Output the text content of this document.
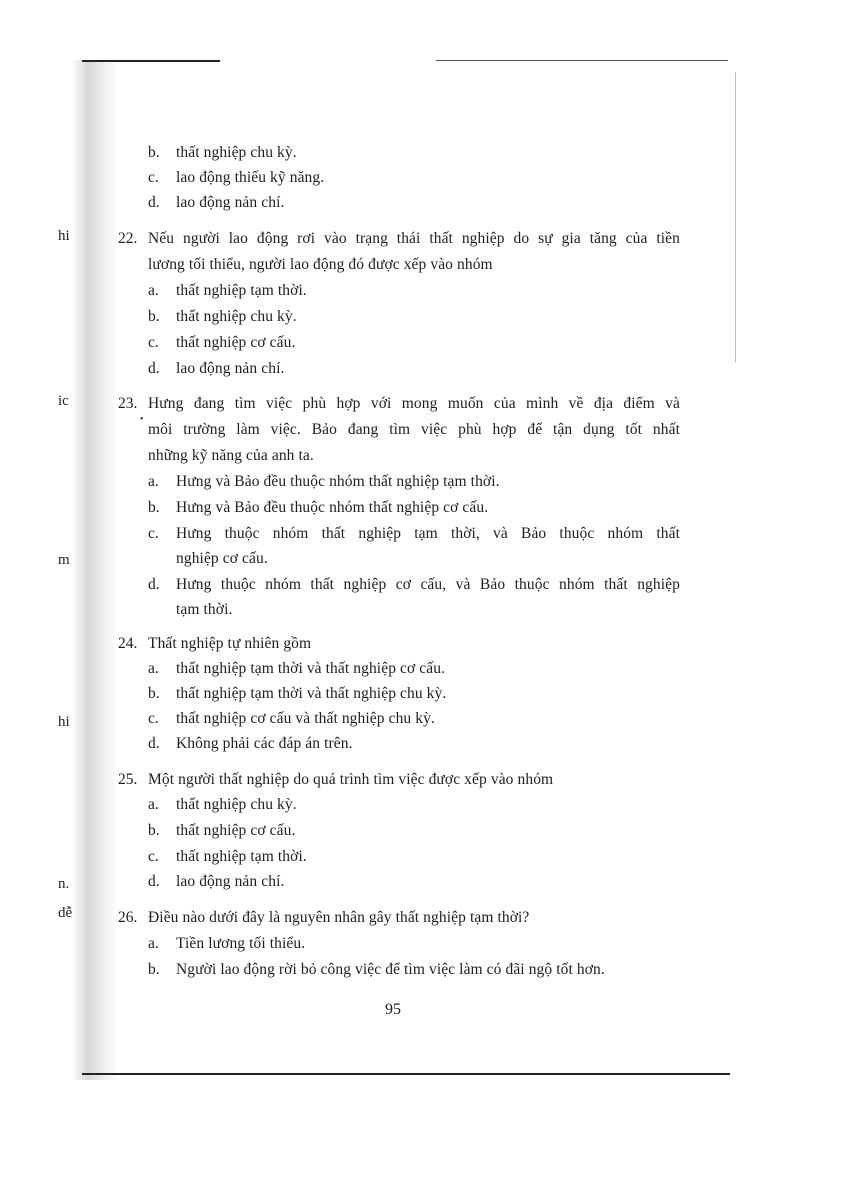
hi
ic
m
hi
n.
dễ
b. thất nghiệp chu kỳ.
c. lao động thiếu kỹ năng.
d. lao động nản chí.
22. Nếu người lao động rơi vào trạng thái thất nghiệp do sự gia tăng của tiền
lương tối thiểu, người lao động đó được xếp vào nhóm
a. thất nghiệp tạm thời.
b. thất nghiệp chu kỳ.
c. thất nghiệp cơ cấu.
d. lao động nản chí.
23. Hưng đang tìm việc phù hợp với mong muốn của mình về địa điểm và
•
môi trường làm việc. Bảo đang tìm việc phù hợp để tận dụng tốt nhất
những kỹ năng của anh ta.
a. Hưng và Bảo đều thuộc nhóm thất nghiệp tạm thời.
b. Hưng và Bảo đều thuộc nhóm thất nghiệp cơ cấu.
c. Hưng thuộc nhóm thất nghiệp tạm thời, và Bảo thuộc nhóm thất
nghiệp cơ cấu.
d. Hưng thuộc nhóm thất nghiệp cơ cấu, và Bảo thuộc nhóm thất nghiệp
tạm thời.
24. Thất nghiệp tự nhiên gồm
a. thất nghiệp tạm thời và thất nghiệp cơ cấu.
b. thất nghiệp tạm thời và thất nghiệp chu kỳ.
c. thất nghiệp cơ cấu và thất nghiệp chu kỳ.
d. Không phải các đáp án trên.
25. Một người thất nghiệp do quá trình tìm việc được xếp vào nhóm
a. thất nghiệp chu kỳ.
b. thất nghiệp cơ cấu.
c. thất nghiệp tạm thời.
d. lao động nản chí.
26. Điều nào dưới đây là nguyên nhân gây thất nghiệp tạm thời?
a. Tiền lương tối thiểu.
b. Người lao động rời bỏ công việc để tìm việc làm có đãi ngộ tốt hơn.
95
